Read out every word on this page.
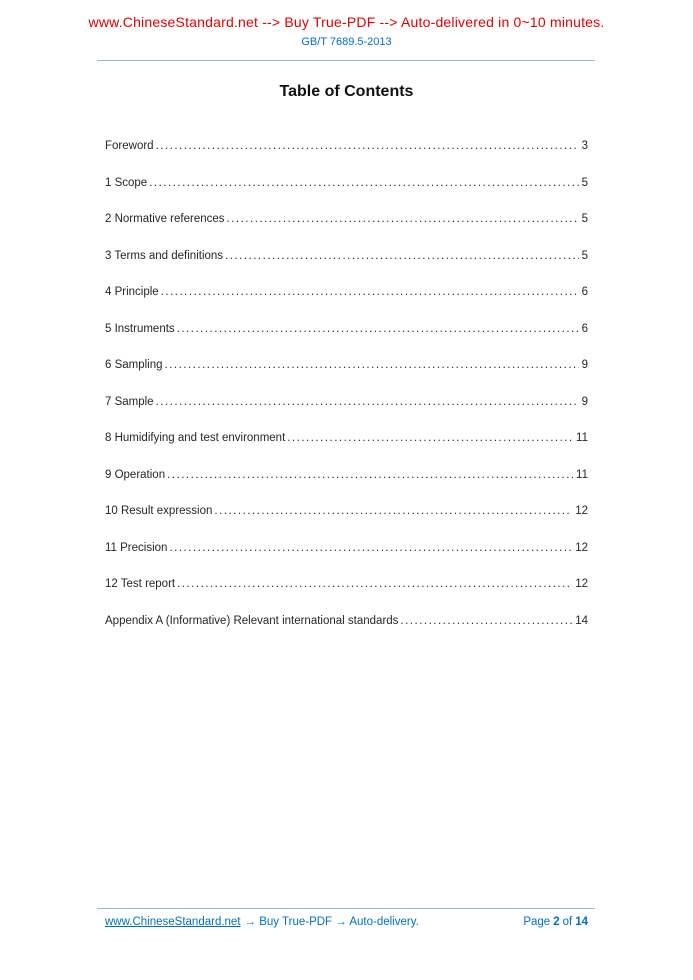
www.ChineseStandard.net --> Buy True-PDF --> Auto-delivered in 0~10 minutes.
GB/T 7689.5-2013
Table of Contents
Foreword .....	3
1 Scope .....	5
2 Normative references .....	5
3 Terms and definitions .....	5
4 Principle .....	6
5 Instruments .....	6
6 Sampling .....	9
7 Sample .....	9
8 Humidifying and test environment .....	11
9 Operation .....	11
10 Result expression .....	12
11 Precision .....	12
12 Test report .....	12
Appendix A (Informative) Relevant international standards .....	14
www.ChineseStandard.net → Buy True-PDF → Auto-delivery.	Page 2 of 14
